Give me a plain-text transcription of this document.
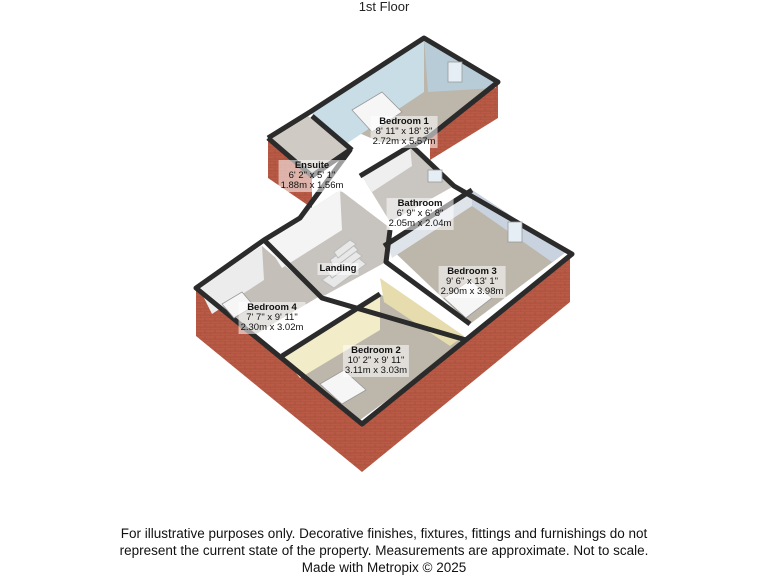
1st Floor
Bedroom 1
8' 11" x 18' 3"
2.72m x 5.57m
Ensuite
6' 2" x 5' 1"
1.88m x 1.56m
Bathroom
6' 9" x 6' 8"
2.05m x 2.04m
Landing	Bedroom 3
9' 6" x 13' 1"
2.90m x 3.98m
Bedroom 4
7' 7" x 9' 11"
2.30m x 3.02m
Bedroom 2
10' 2" x 9' 11"
3.11m x 3.03m
For illustrative purposes only. Decorative finishes, fixtures, fittings and furnishings do not
represent the current state of the property. Measurements are approximate. Not to scale.
Made with Metropix © 2025
